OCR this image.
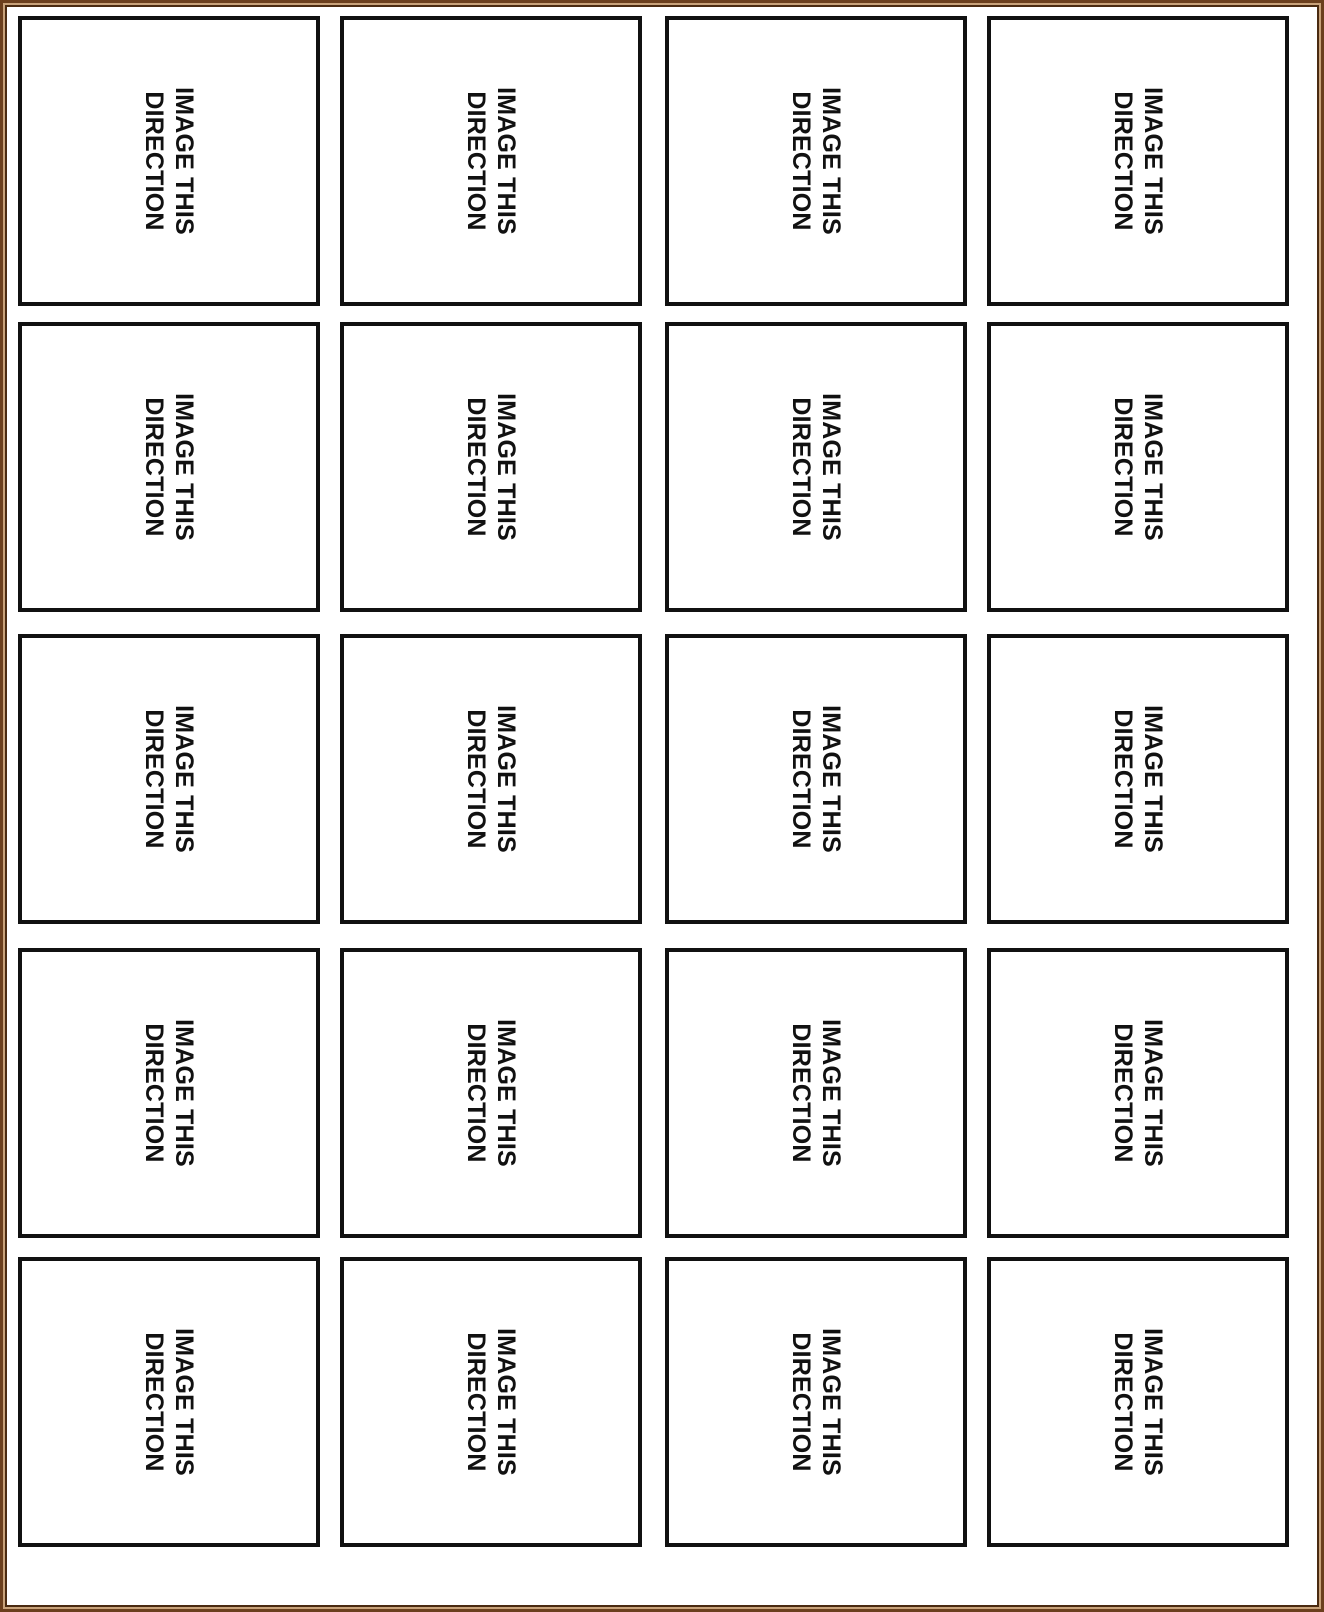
IMAGE THIS
DIRECTION	IMAGE THIS
DIRECTION	IMAGE THIS
DIRECTION	IMAGE THIS
DIRECTION
IMAGE THIS
DIRECTION	IMAGE THIS
DIRECTION	IMAGE THIS
DIRECTION	IMAGE THIS
DIRECTION
IMAGE THIS
DIRECTION	IMAGE THIS
DIRECTION	IMAGE THIS
DIRECTION	IMAGE THIS
DIRECTION
IMAGE THIS
DIRECTION	IMAGE THIS
DIRECTION	IMAGE THIS
DIRECTION	IMAGE THIS
DIRECTION
IMAGE THIS
DIRECTION	IMAGE THIS
DIRECTION	IMAGE THIS
DIRECTION	IMAGE THIS
DIRECTION
